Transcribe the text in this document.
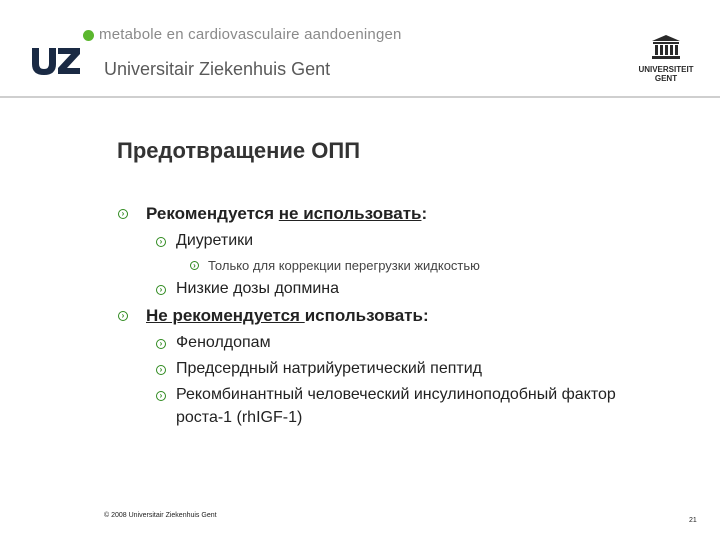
metabole en cardiovasculaire aandoeningen
Universitair Ziekenhuis Gent	UNIVERSITEIT
GENT
Предотвращение ОПП
› Рекомендуется не использовать:
› Диуретики
› Только для коррекции перегрузки жидкостью
› Низкие дозы допмина
› Не рекомендуется использовать:
› Фенолдопам
› Предсердный натрийуретический пептид
› Рекомбинантный человеческий инсулиноподобный фактор
роста-1 (rhIGF-1)
© 2008 Universitair Ziekenhuis Gent
21
